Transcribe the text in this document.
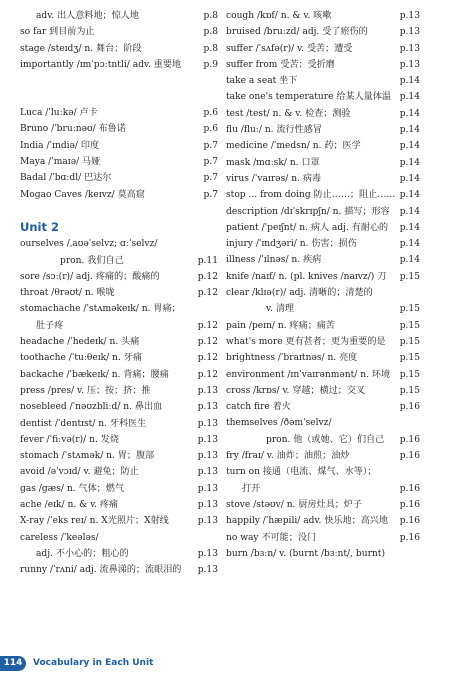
adv. 出人意料地；惊人地	p.8
so far 到目前为止	p.8
stage /steɪdʒ/ n. 舞台；阶段	p.8
importantly /ɪmˈpɔːtntli/ adv. 重要地	p.9
Luca /ˈluːkə/ 卢卡	p.6
Bruno /ˈbruːnəʊ/ 布鲁诺	p.6
India /ˈɪndiə/ 印度	p.7
Maya /ˈmaɪə/ 马娅	p.7
Badal /ˈbɑːdl/ 巴达尔	p.7
Mogao Caves /keɪvz/ 莫高窟	p.7
Unit 2
ourselves /ˌaʊəˈselvz; ɑːˈselvz/
pron. 我们自己	p.11
sore /sɔː(r)/ adj. 疼痛的；酸痛的	p.12
throat /θrəʊt/ n. 喉咙	p.12
stomachache /ˈstʌməkeɪk/ n. 胃痛；
肚子疼	p.12
headache /ˈhedeɪk/ n. 头痛	p.12
toothache /ˈtuːθeɪk/ n. 牙痛	p.12
backache /ˈbækeɪk/ n. 背痛；腰痛	p.12
press /pres/ v. 压；按；挤；推	p.13
nosebleed /ˈnəʊzbliːd/ n. 鼻出血	p.13
dentist /ˈdentɪst/ n. 牙科医生	p.13
fever /ˈfiːvə(r)/ n. 发烧	p.13
stomach /ˈstʌmək/ n. 胃；腹部	p.13
avoid /əˈvɔɪd/ v. 避免；防止	p.13
gas /gæs/ n. 气体；燃气	p.13
ache /eɪk/ n. & v. 疼痛	p.13
X-ray /ˈeks reɪ/ n. X光照片；X射线	p.13
careless /ˈkeələs/
adj. 不小心的；粗心的	p.13
runny /ˈrʌni/ adj. 流鼻涕的；流眼泪的	p.13
cough /kɒf/ n. & v. 咳嗽	p.13
bruised /bruːzd/ adj. 受了瘀伤的	p.13
suffer /ˈsʌfə(r)/ v. 受苦；遭受	p.13
suffer from 受苦；受折磨	p.13
take a seat 坐下	p.14
take one's temperature 给某人量体温 p.14
test /test/ n. & v. 检查；测验	p.14
flu /fluː/ n. 流行性感冒	p.14
medicine /ˈmedsn/ n. 药；医学	p.14
mask /mɑːsk/ n. 口罩	p.14
virus /ˈvaɪrəs/ n. 病毒	p.14
stop ... from doing 防止……；阻止…… p.14
description /dɪˈskrɪpʃn/ n. 描写；形容	p.14
patient /ˈpeɪʃnt/ n. 病人 adj. 有耐心的	p.14
injury /ˈɪndʒəri/ n. 伤害；损伤	p.14
illness /ˈɪlnəs/ n. 疾病	p.14
knife /naɪf/ n. (pl. knives /naɪvz/) 刀	p.15
clear /klɪə(r)/ adj. 清晰的；清楚的
v. 清理	p.15
pain /peɪn/ n. 疼痛；痛苦	p.15
what's more 更有甚者；更为重要的是	p.15
brightness /ˈbraɪtnəs/ n. 亮度	p.15
environment /ɪnˈvaɪrənmənt/ n. 环境	p.15
cross /krɒs/ v. 穿越；横过；交叉	p.15
catch fire 着火	p.16
themselves /ðəmˈselvz/
pron. 他（或她、它）们自己	p.16
fry /fraɪ/ v. 油炸；油煎；油炒	p.16
turn on 接通（电流、煤气、水等）；
打开	p.16
stove /stəʊv/ n. 厨房灶具；炉子	p.16
happily /ˈhæpili/ adv. 快乐地；高兴地	p.16
no way 不可能；没门	p.16
burn /bɜːn/ v. (burnt /bɜːnt/, burnt)
114	Vocabulary in Each Unit
